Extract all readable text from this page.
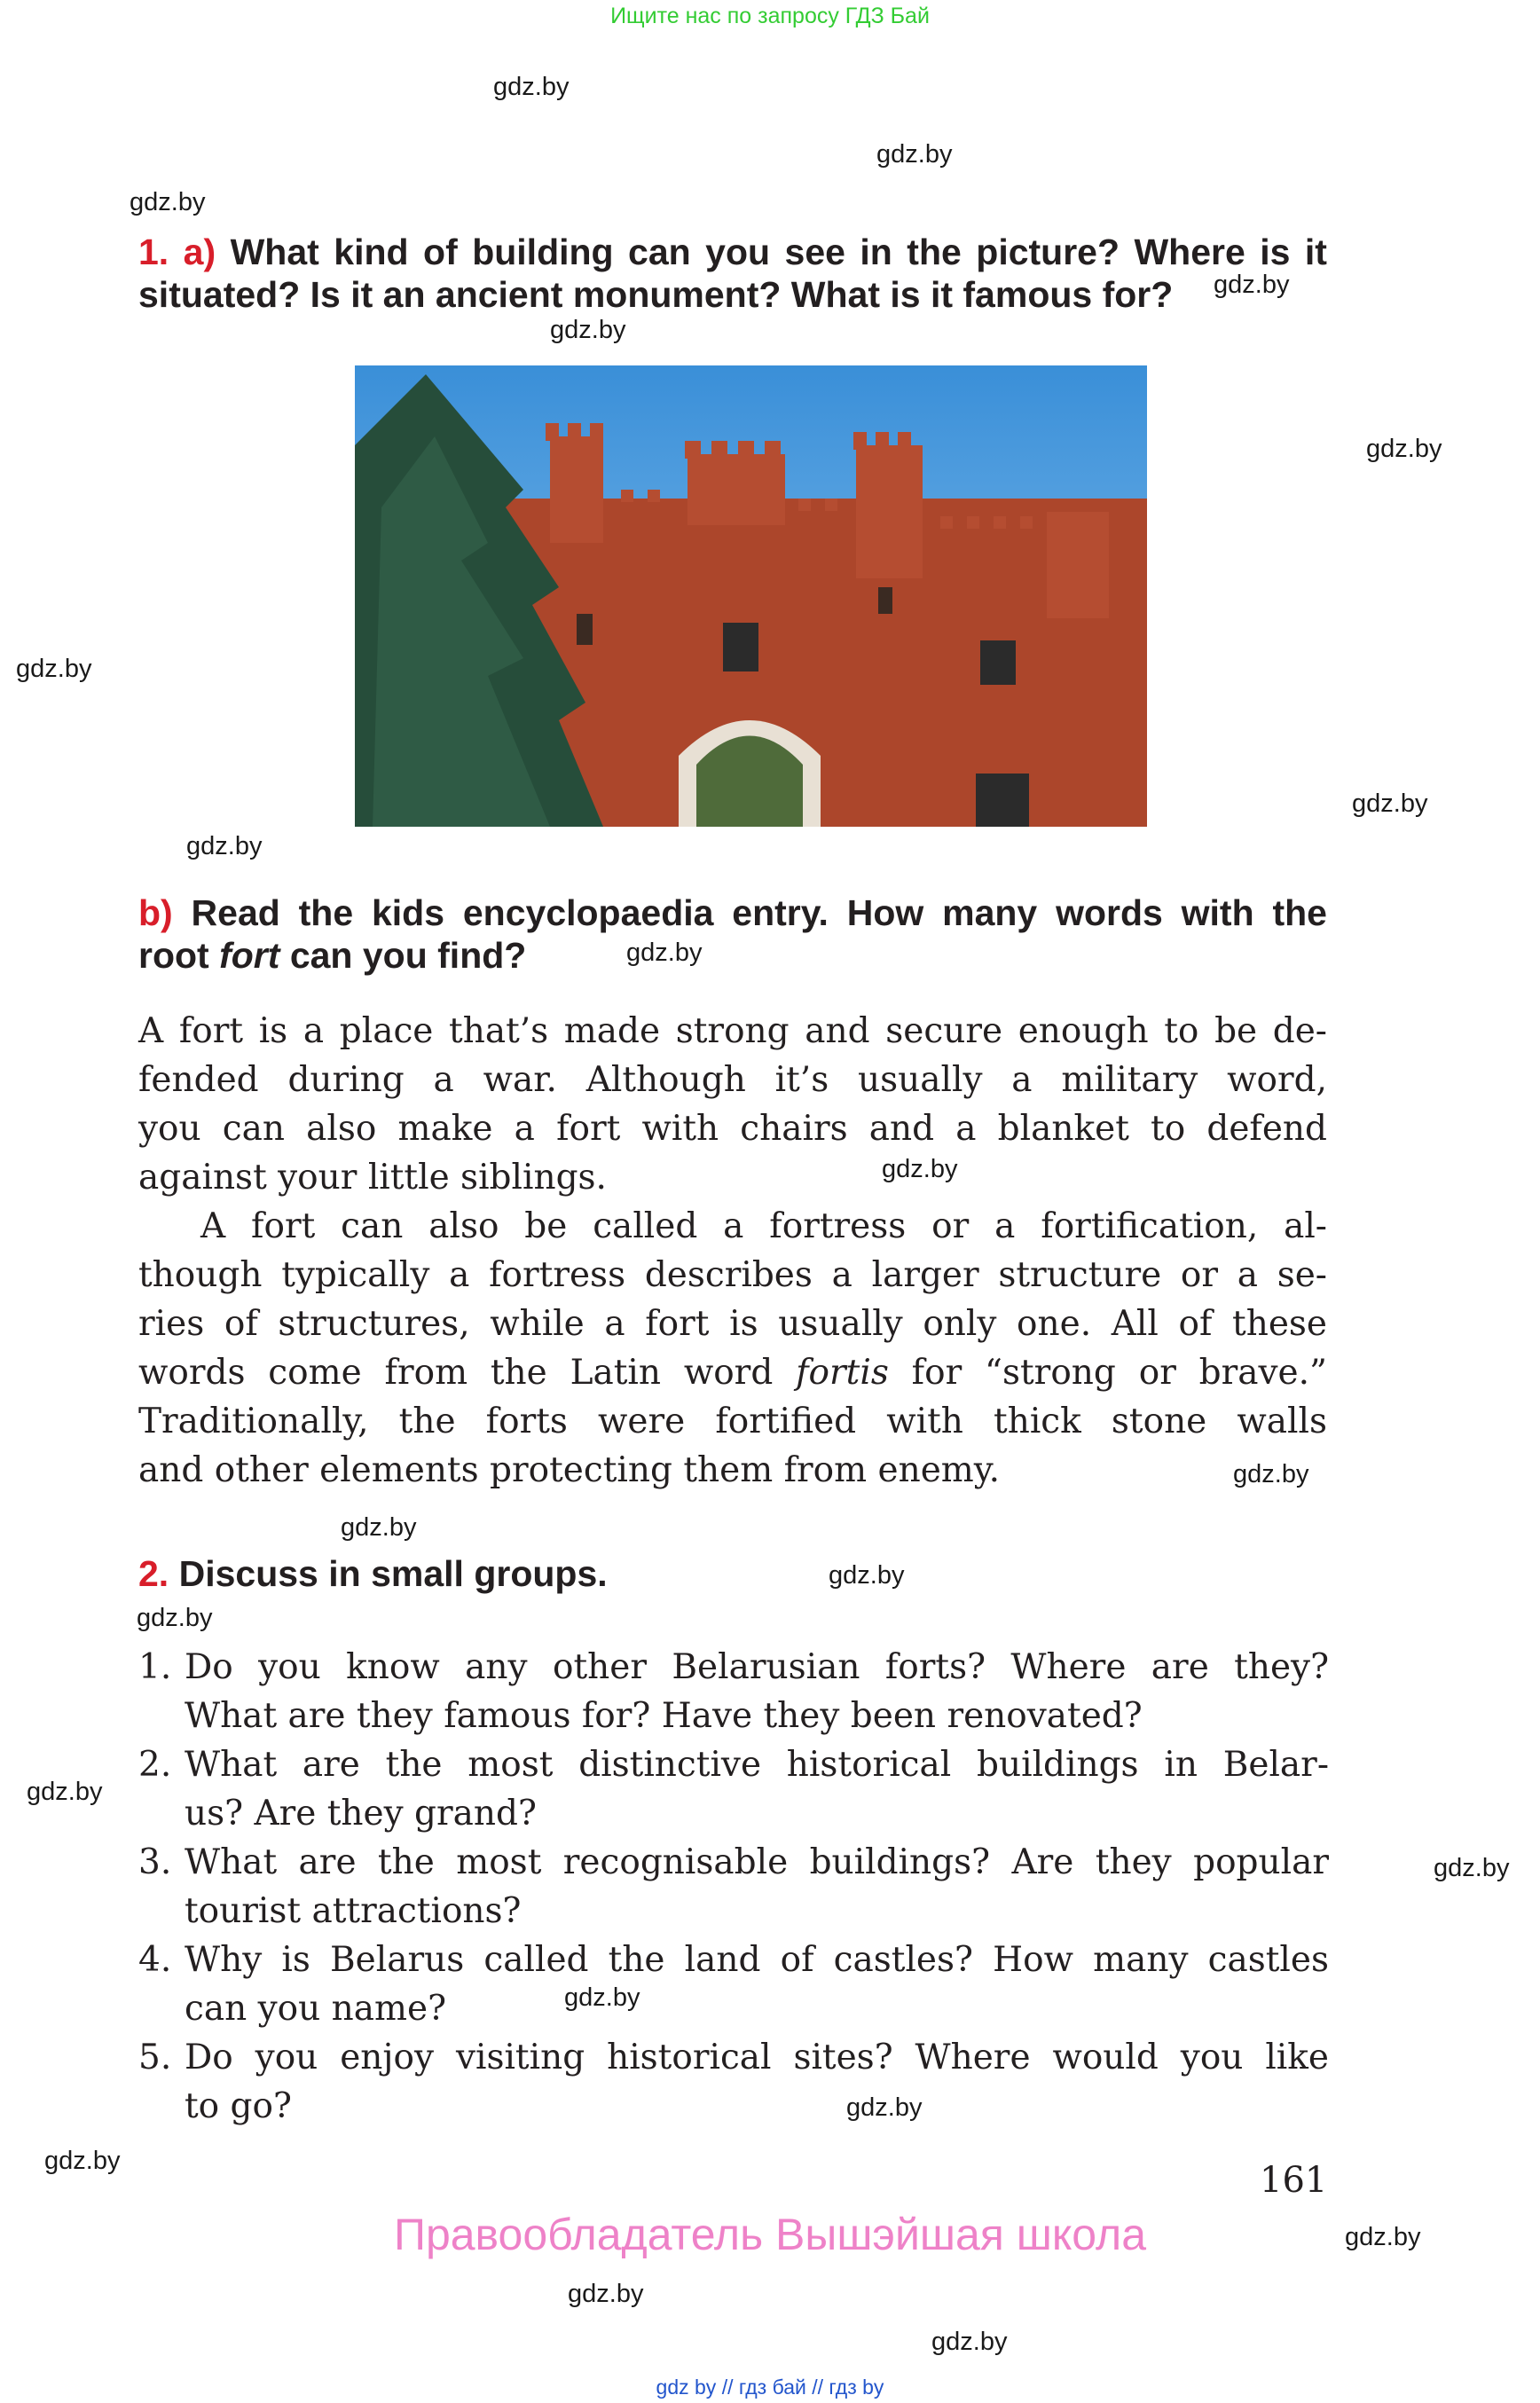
Ищите нас по запросу ГДЗ Бай
gdz.by
gdz.by
gdz.by
gdz.by
gdz.by
gdz.by
gdz.by
gdz.by
gdz.by
gdz.by
gdz.by
gdz.by
gdz.by
gdz.by
gdz.by
gdz.by
gdz.by
gdz.by
gdz.by
gdz.by
gdz.by
gdz.by
gdz.by
1. a) What kind of building can you see in the picture? Where is it
situated? Is it an ancient monument? What is it famous for?
b) Read the kids encyclopaedia entry. How many words with the
root fort can you find?
A fort is a place that’s made strong and secure enough to be de-
fended during a war. Although it’s usually a military word,
you can also make a fort with chairs and a blanket to defend
against your little siblings.
A fort can also be called a fortress or a fortification, al-
though typically a fortress describes a larger structure or a se-
ries of structures, while a fort is usually only one. All of these
words come from the Latin word fortis for “strong or brave.”
Traditionally, the forts were fortified with thick stone walls
and other elements protecting them from enemy.
2. Discuss in small groups.
1. Do you know any other Belarusian forts? Where are they?
What are they famous for? Have they been renovated?
2. What are the most distinctive historical buildings in Belar-
us? Are they grand?
3. What are the most recognisable buildings? Are they popular
tourist attractions?
4. Why is Belarus called the land of castles? How many castles
can you name?
5. Do you enjoy visiting historical sites? Where would you like
to go?
161
Правообладатель Вышэйшая школа
gdz by // гдз бай // гдз by
